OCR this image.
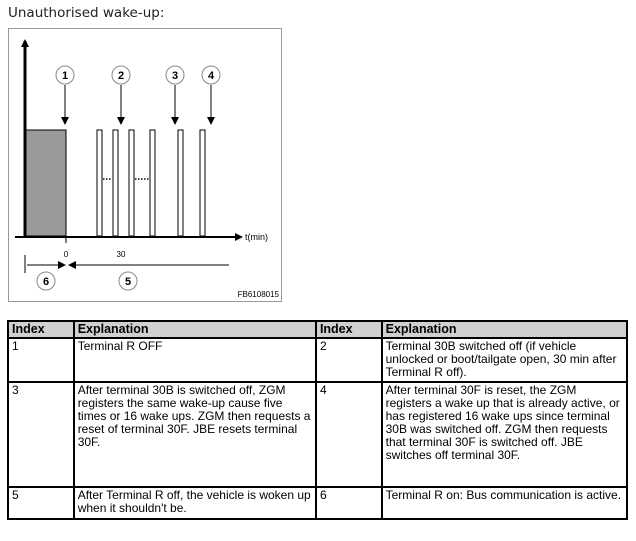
Unauthorised wake-up:
t(min)
1	2	3	4
0	30
6	5
FB6108015
Index	Explanation	Index	Explanation
1	Terminal R OFF	2	Terminal 30B switched off (if vehicle unlocked or boot/tailgate open, 30 min after Terminal R off).
3	After terminal 30B is switched off, ZGM registers the same wake-up cause five times or 16 wake ups. ZGM then requests a reset of terminal 30F. JBE resets terminal 30F.	4	After terminal 30F is reset, the ZGM registers a wake up that is already active, or has registered 16 wake ups since terminal 30B was switched off. ZGM then requests that terminal 30F is switched off. JBE switches off terminal 30F.
5	After Terminal R off, the vehicle is woken up when it shouldn't be.	6	Terminal R on: Bus communication is active.
